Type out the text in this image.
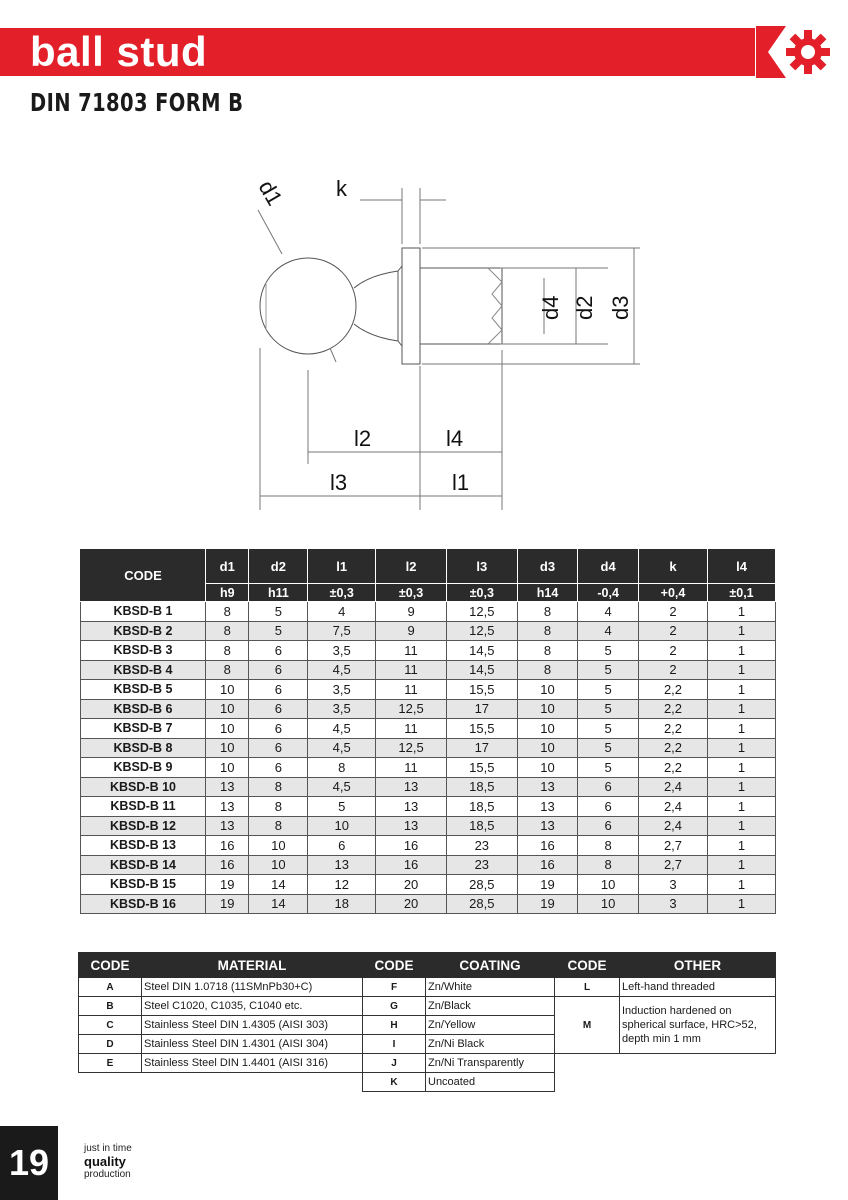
ball stud
DIN 71803 FORM B
d1 k
d4 d2 d3
l2	l4
l3	l1
CODE	d1	d2	l1	l2	l3	d3	d4	k	l4
	h9	h11	±0,3	±0,3	±0,3	h14	-0,4	+0,4	±0,1
KBSD-B 1	8	5	4	9	12,5	8	4	2	1
KBSD-B 2	8	5	7,5	9	12,5	8	4	2	1
KBSD-B 3	8	6	3,5	11	14,5	8	5	2	1
KBSD-B 4	8	6	4,5	11	14,5	8	5	2	1
KBSD-B 5	10	6	3,5	11	15,5	10	5	2,2	1
KBSD-B 6	10	6	3,5	12,5	17	10	5	2,2	1
KBSD-B 7	10	6	4,5	11	15,5	10	5	2,2	1
KBSD-B 8	10	6	4,5	12,5	17	10	5	2,2	1
KBSD-B 9	10	6	8	11	15,5	10	5	2,2	1
KBSD-B 10	13	8	4,5	13	18,5	13	6	2,4	1
KBSD-B 11	13	8	5	13	18,5	13	6	2,4	1
KBSD-B 12	13	8	10	13	18,5	13	6	2,4	1
KBSD-B 13	16	10	6	16	23	16	8	2,7	1
KBSD-B 14	16	10	13	16	23	16	8	2,7	1
KBSD-B 15	19	14	12	20	28,5	19	10	3	1
KBSD-B 16	19	14	18	20	28,5	19	10	3	1
CODE	MATERIAL	CODE	COATING	CODE	OTHER
A	Steel DIN 1.0718 (11SMnPb30+C)	F	Zn/White	L	Left-hand threaded
B	Steel C1020, C1035, C1040 etc.	G	Zn/Black	M	Induction hardened on spherical surface, HRC>52, depth min 1 mm
C	Stainless Steel DIN 1.4305 (AISI 303)	H	Zn/Yellow		
D	Stainless Steel DIN 1.4301 (AISI 304)	I	Zn/Ni Black		
E	Stainless Steel DIN 1.4401 (AISI 316)	J	Zn/Ni Transparently		
		K	Uncoated		
19	just in time
quality
production
